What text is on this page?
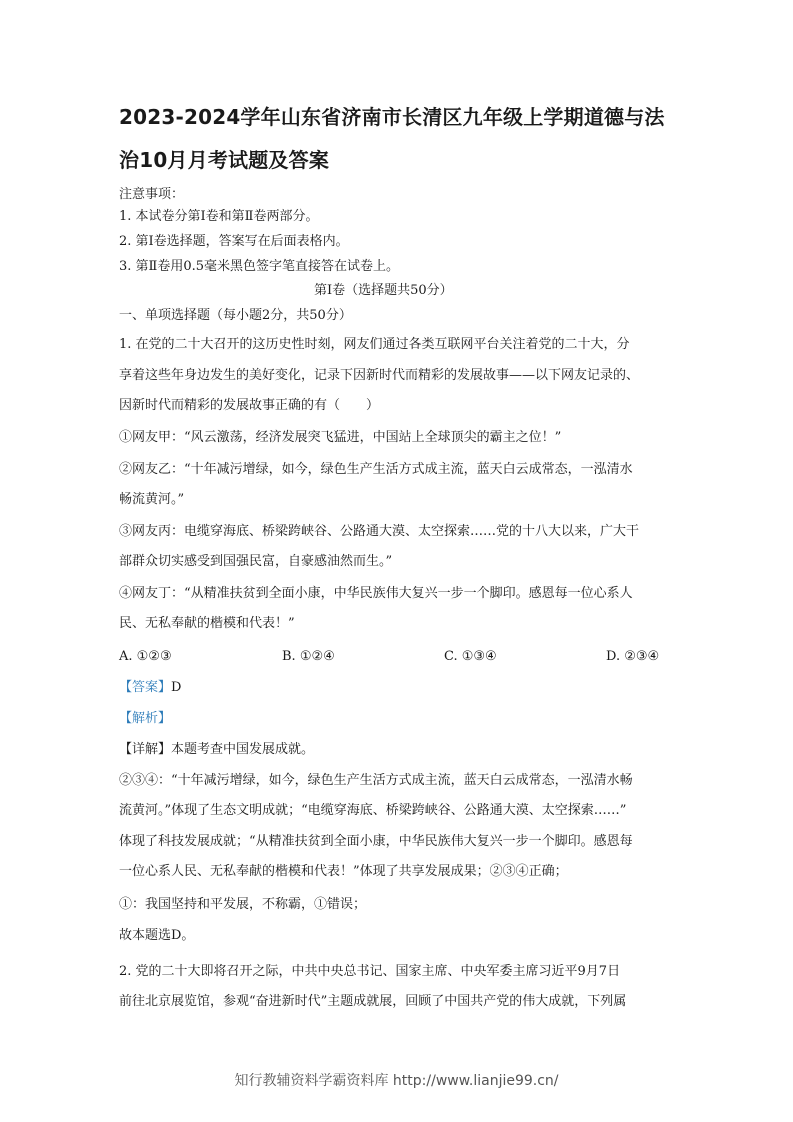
2023-2024学年山东省济南市长清区九年级上学期道德与法
治10月月考试题及答案
注意事项：
1. 本试卷分第Ⅰ卷和第Ⅱ卷两部分。
2. 第Ⅰ卷选择题，答案写在后面表格内。
3. 第Ⅱ卷用0.5毫米黑色签字笔直接答在试卷上。
第Ⅰ卷（选择题共50分）
一、单项选择题（每小题2分，共50分）
1. 在党的二十大召开的这历史性时刻，网友们通过各类互联网平台关注着党的二十大，分
享着这些年身边发生的美好变化，记录下因新时代而精彩的发展故事——以下网友记录的、
因新时代而精彩的发展故事正确的有（　　）
①网友甲：“风云激荡，经济发展突飞猛进，中国站上全球顶尖的霸主之位！”
②网友乙：“十年减污增绿，如今，绿色生产生活方式成主流，蓝天白云成常态，一泓清水
畅流黄河。”
③网友丙：电缆穿海底、桥梁跨峡谷、公路通大漠、太空探索……党的十八大以来，广大干
部群众切实感受到国强民富，自豪感油然而生。”
④网友丁：“从精准扶贫到全面小康，中华民族伟大复兴一步一个脚印。感恩每一位心系人
民、无私奉献的楷模和代表！”
A. ①②③	B. ①②④	C. ①③④	D. ②③④
【答案】D
【解析】
【详解】本题考查中国发展成就。
②③④：“十年减污增绿，如今，绿色生产生活方式成主流，蓝天白云成常态，一泓清水畅
流黄河。”体现了生态文明成就；“电缆穿海底、桥梁跨峡谷、公路通大漠、太空探索……”
体现了科技发展成就；“从精准扶贫到全面小康，中华民族伟大复兴一步一个脚印。感恩每
一位心系人民、无私奉献的楷模和代表！”体现了共享发展成果；②③④正确；
①：我国坚持和平发展，不称霸，①错误；
故本题选D。
2. 党的二十大即将召开之际，中共中央总书记、国家主席、中央军委主席习近平9月7日
前往北京展览馆，参观“奋进新时代”主题成就展，回顾了中国共产党的伟大成就，下列属
知行教辅资料学霸资料库 http://www.lianjie99.cn/
